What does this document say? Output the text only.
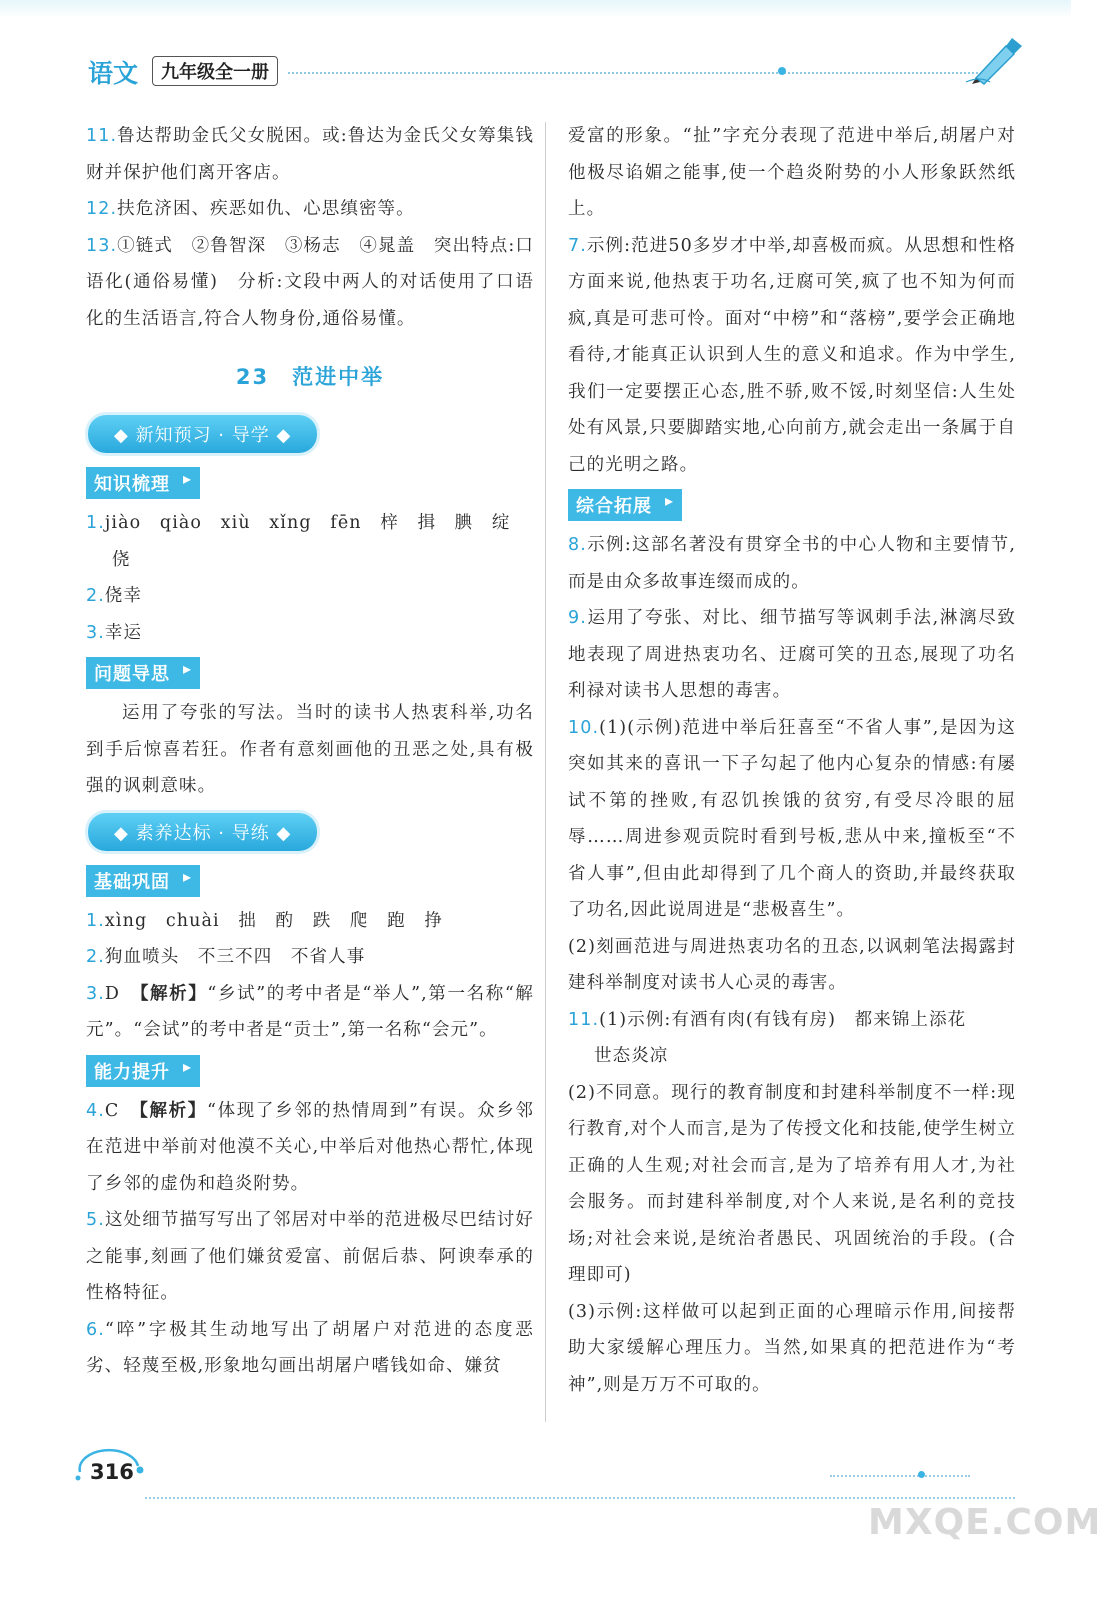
语文	九年级全一册

11.鲁达帮助金氏父女脱困。或:鲁达为金氏父女筹集钱财并保护他们离开客店。

12.扶危济困、疾恶如仇、心思缜密等。

13.①链式　②鲁智深　③杨志　④晁盖　突出特点:口语化(通俗易懂)　分析:文段中两人的对话使用了口语化的生活语言,符合人物身份,通俗易懂。

23　范进中举
◆ 新知预习 · 导学 ◆
知识梳理 ▸

1.jiào　qiào　xiù　xǐng　fēn　梓　揖　腆　绽

侥

2.侥幸

3.幸运

问题导思 ▸

运用了夸张的写法。当时的读书人热衷科举,功名到手后惊喜若狂。作者有意刻画他的丑恶之处,具有极强的讽刺意味。

◆ 素养达标 · 导练 ◆
基础巩固 ▸

1.xìng　chuài　拙　酌　跌　爬　跑　挣

2.狗血喷头　不三不四　不省人事

3.D　 【解析】“乡试”的考中者是“举人”,第一名称“解元”。“会试”的考中者是“贡士”,第一名称“会元”。

能力提升 ▸

4.C　 【解析】“体现了乡邻的热情周到”有误。众乡邻在范进中举前对他漠不关心,中举后对他热心帮忙,体现了乡邻的虚伪和趋炎附势。

5.这处细节描写写出了邻居对中举的范进极尽巴结讨好之能事,刻画了他们嫌贫爱富、前倨后恭、阿谀奉承的性格特征。

6.“啐”字极其生动地写出了胡屠户对范进的态度恶劣、轻蔑至极,形象地勾画出胡屠户嗜钱如命、嫌贫

爱富的形象。“扯”字充分表现了范进中举后,胡屠户对他极尽谄媚之能事,使一个趋炎附势的小人形象跃然纸上。

7.示例:范进50多岁才中举,却喜极而疯。从思想和性格方面来说,他热衷于功名,迂腐可笑,疯了也不知为何而疯,真是可悲可怜。面对“中榜”和“落榜”,要学会正确地看待,才能真正认识到人生的意义和追求。作为中学生,我们一定要摆正心态,胜不骄,败不馁,时刻坚信:人生处处有风景,只要脚踏实地,心向前方,就会走出一条属于自己的光明之路。

综合拓展 ▸

8.示例:这部名著没有贯穿全书的中心人物和主要情节,而是由众多故事连缀而成的。

9.运用了夸张、对比、细节描写等讽刺手法,淋漓尽致地表现了周进热衷功名、迂腐可笑的丑态,展现了功名利禄对读书人思想的毒害。

10.(1)(示例)范进中举后狂喜至“不省人事”,是因为这突如其来的喜讯一下子勾起了他内心复杂的情感:有屡试不第的挫败,有忍饥挨饿的贫穷,有受尽冷眼的屈辱……周进参观贡院时看到号板,悲从中来,撞板至“不省人事”,但由此却得到了几个商人的资助,并最终获取了功名,因此说周进是“悲极喜生”。

(2)刻画范进与周进热衷功名的丑态,以讽刺笔法揭露封建科举制度对读书人心灵的毒害。

11.(1)示例:有酒有肉(有钱有房)　都来锦上添花

世态炎凉

(2)不同意。现行的教育制度和封建科举制度不一样:现行教育,对个人而言,是为了传授文化和技能,使学生树立正确的人生观;对社会而言,是为了培养有用人才,为社会服务。而封建科举制度,对个人来说,是名利的竞技场;对社会来说,是统治者愚民、巩固统治的手段。(合理即可)

(3)示例:这样做可以起到正面的心理暗示作用,间接帮助大家缓解心理压力。当然,如果真的把范进作为“考神”,则是万万不可取的。

316
MXQE.COM
